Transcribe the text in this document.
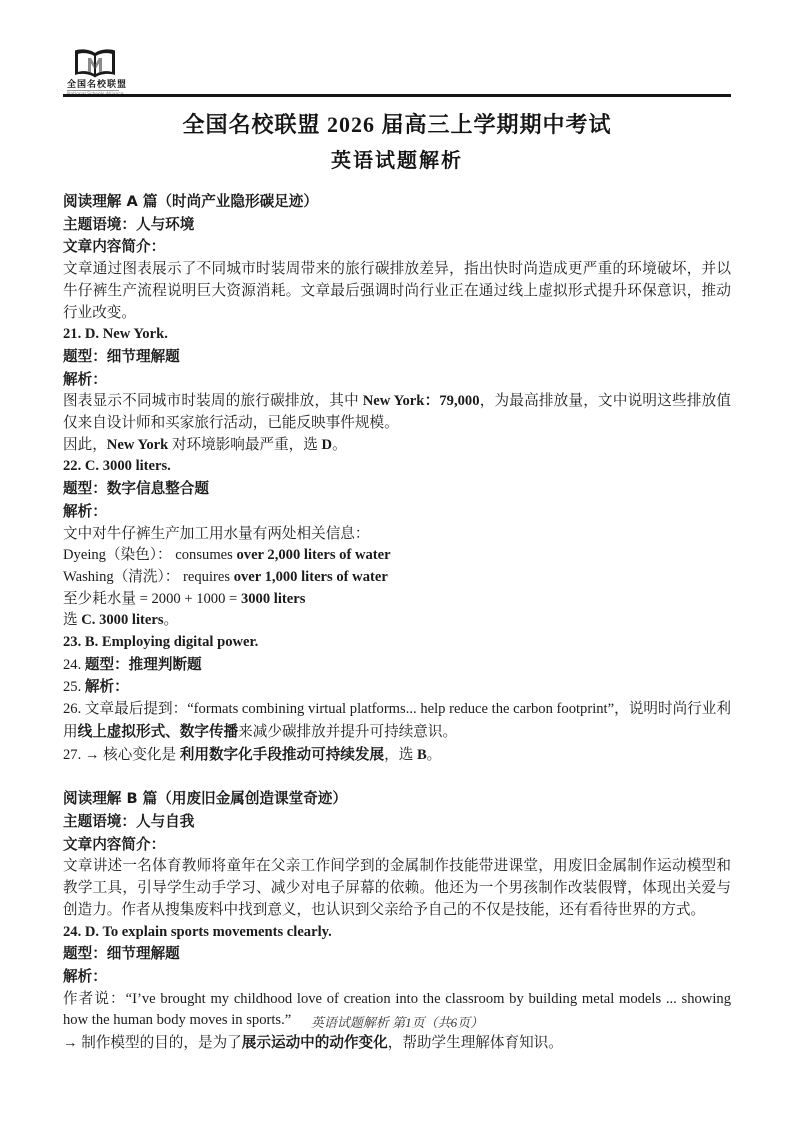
全国名校联盟
全国名校联盟 2026 届高三上学期期中考试
英语试题解析

阅读理解 A 篇（时尚产业隐形碳足迹）

主题语境：人与环境

文章内容简介：

文章通过图表展示了不同城市时装周带来的旅行碳排放差异，指出快时尚造成更严重的环境破坏，并以牛仔裤生产流程说明巨大资源消耗。文章最后强调时尚行业正在通过线上虚拟形式提升环保意识，推动行业改变。

21. D. New York.

题型：细节理解题

解析：

图表显示不同城市时装周的旅行碳排放，其中 New York：79,000，为最高排放量，文中说明这些排放值仅来自设计师和买家旅行活动，已能反映事件规模。

因此，New York 对环境影响最严重，选 D。

22. C. 3000 liters.

题型：数字信息整合题

解析：

文中对牛仔裤生产加工用水量有两处相关信息：

Dyeing（染色）： consumes over 2,000 liters of water

Washing（清洗）： requires over 1,000 liters of water

至少耗水量 = 2000 + 1000 = 3000 liters

选 C. 3000 liters。

23. B. Employing digital power.

24. 题型：推理判断题

25. 解析：

26. 文章最后提到：“formats combining virtual platforms... help reduce the carbon footprint”，说明时尚行业利用线上虚拟形式、数字传播来减少碳排放并提升可持续意识。

27. → 核心变化是 利用数字化手段推动可持续发展，选 B。

阅读理解 B 篇（用废旧金属创造课堂奇迹）

主题语境：人与自我

文章内容简介：

文章讲述一名体育教师将童年在父亲工作间学到的金属制作技能带进课堂，用废旧金属制作运动模型和教学工具，引导学生动手学习、减少对电子屏幕的依赖。他还为一个男孩制作改装假臂，体现出关爱与创造力。作者从搜集废料中找到意义，也认识到父亲给予自己的不仅是技能，还有看待世界的方式。

24. D. To explain sports movements clearly.

题型：细节理解题

解析：

作者说：“I’ve brought my childhood love of creation into the classroom by building metal models ... showing how the human body moves in sports.”

→ 制作模型的目的，是为了展示运动中的动作变化，帮助学生理解体育知识。

英语试题解析 第1页（共6页）
